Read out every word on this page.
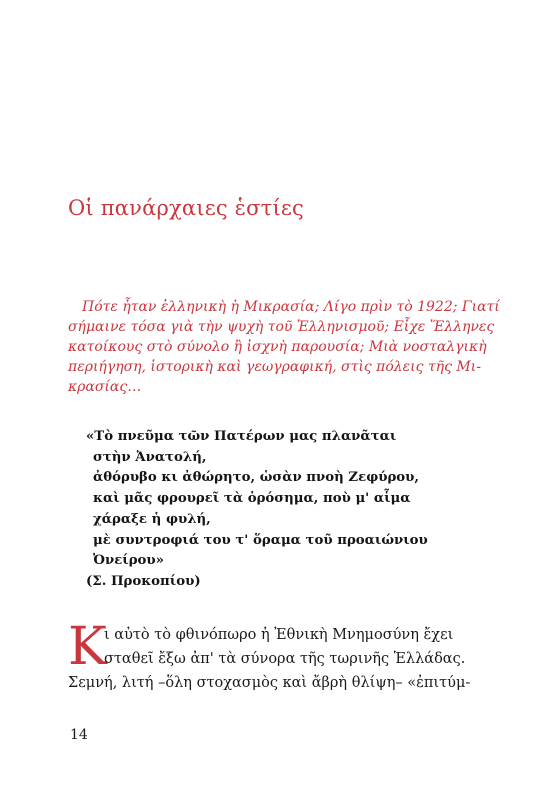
Οἱ πανάρχαιες ἑστίες
Πότε ἦταν ἑλληνικὴ ἡ Μικρασία; Λίγο πρὶν τὸ 1922; Γιατί
σήμαινε τόσα γιὰ τὴν ψυχὴ τοῦ Ἑλληνισμοῦ; Εἶχε Ἕλληνες
κατοίκους στὸ σύνολο ἢ ἰσχνὴ παρουσία; Μιὰ νοσταλγικὴ
περιήγηση, ἱστορικὴ καὶ γεωγραφική, στὶς πόλεις τῆς Μι-
κρασίας…
«Τὸ πνεῦμα τῶν Πατέρων μας πλανᾶται
στὴν Ἀνατολή,
ἀθόρυβο κι ἀθώρητο, ὡσὰν πνοὴ Ζεφύρου,
καὶ μᾶς φρουρεῖ τὰ ὁρόσημα, ποὺ μ' αἷμα
χάραξε ἡ φυλή,
μὲ συντροφιά του τ' ὅραμα τοῦ προαιώνιου
Ὀνείρου»
(Σ. Προκοπίου)
Κ
ι αὐτὸ τὸ φθινόπωρο ἡ Ἐθνικὴ Μνημοσύνη ἔχει
σταθεῖ ἔξω ἀπ' τὰ σύνορα τῆς τωρινῆς Ἑλλάδας.
Σεμνή, λιτή –ὅλη στοχασμὸς καὶ ἄβρὴ θλίψη– «ἐπιτύμ-
14
